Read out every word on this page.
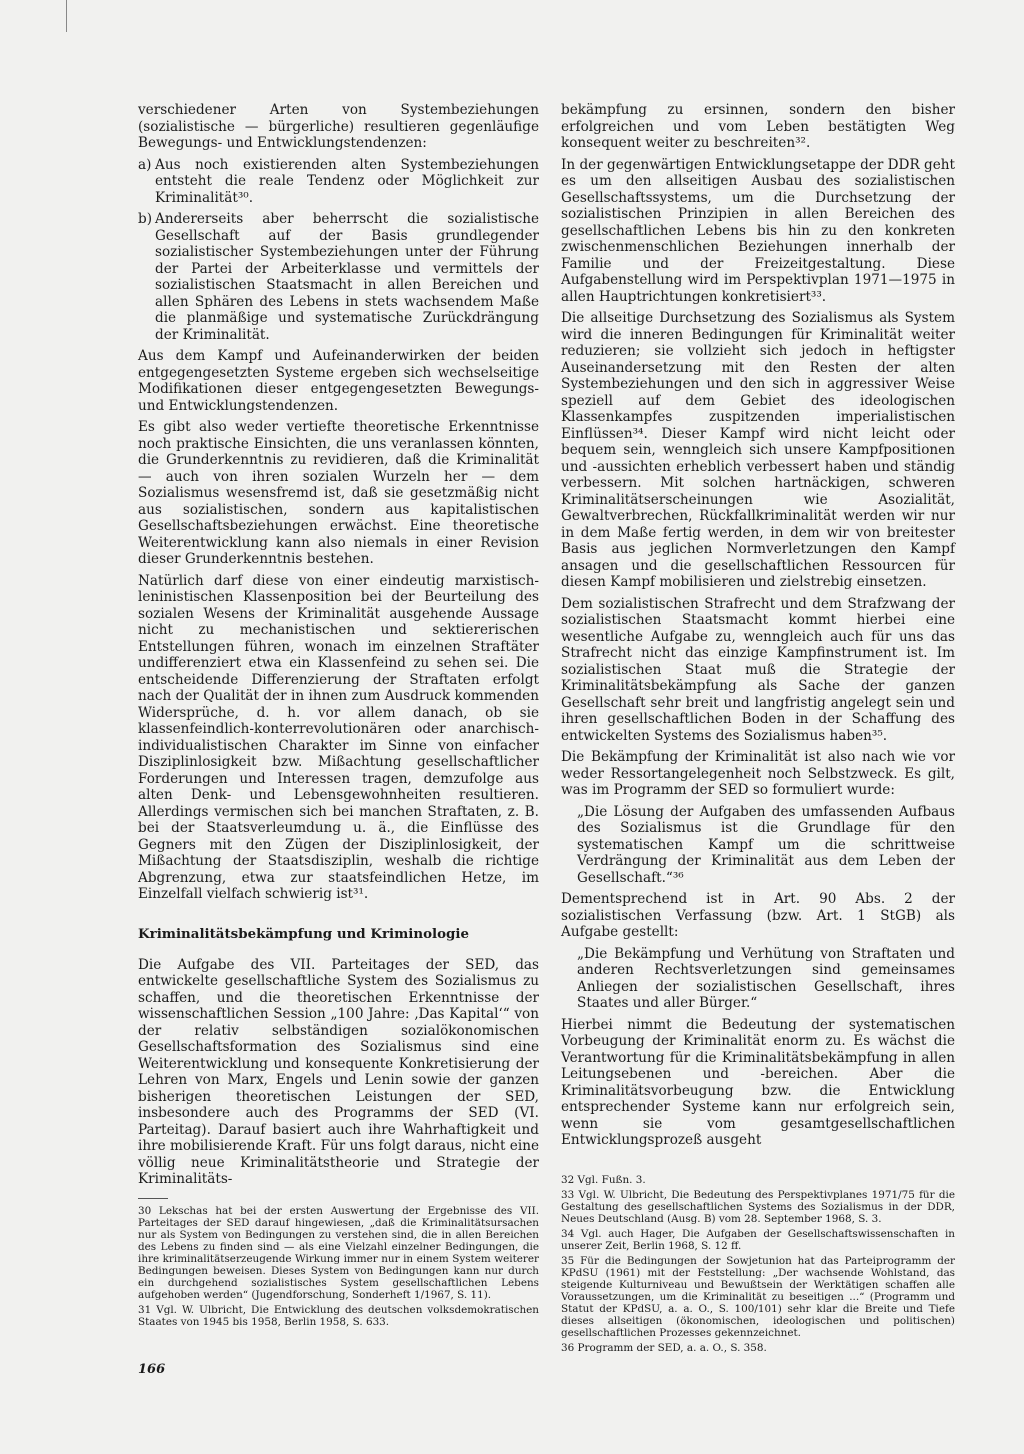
verschiedener Arten von Systembeziehungen (sozialistische — bürgerliche) resultieren gegenläufige Bewegungs- und Entwicklungstendenzen:

a) Aus noch existierenden alten Systembeziehungen entsteht die reale Tendenz oder Möglichkeit zur Kriminalität³⁰.

b) Andererseits aber beherrscht die sozialistische Gesellschaft auf der Basis grundlegender sozialistischer Systembeziehungen unter der Führung der Partei der Arbeiterklasse und vermittels der sozialistischen Staatsmacht in allen Bereichen und allen Sphären des Lebens in stets wachsendem Maße die planmäßige und systematische Zurückdrängung der Kriminalität.

Aus dem Kampf und Aufeinanderwirken der beiden entgegengesetzten Systeme ergeben sich wechselseitige Modifikationen dieser entgegengesetzten Bewegungs- und Entwicklungstendenzen.

Es gibt also weder vertiefte theoretische Erkenntnisse noch praktische Einsichten, die uns veranlassen könnten, die Grunderkenntnis zu revidieren, daß die Kriminalität — auch von ihren sozialen Wurzeln her — dem Sozialismus wesensfremd ist, daß sie gesetzmäßig nicht aus sozialistischen, sondern aus kapitalistischen Gesellschaftsbeziehungen erwächst. Eine theoretische Weiterentwicklung kann also niemals in einer Revision dieser Grunderkenntnis bestehen.

Natürlich darf diese von einer eindeutig marxistisch-leninistischen Klassenposition bei der Beurteilung des sozialen Wesens der Kriminalität ausgehende Aussage nicht zu mechanistischen und sektiererischen Entstellungen führen, wonach im einzelnen Straftäter undifferenziert etwa ein Klassenfeind zu sehen sei. Die entscheidende Differenzierung der Straftaten erfolgt nach der Qualität der in ihnen zum Ausdruck kommenden Widersprüche, d. h. vor allem danach, ob sie klassenfeindlich-konterrevolutionären oder anarchisch-individualistischen Charakter im Sinne von einfacher Disziplinlosigkeit bzw. Mißachtung gesellschaftlicher Forderungen und Interessen tragen, demzufolge aus alten Denk- und Lebensgewohnheiten resultieren. Allerdings vermischen sich bei manchen Straftaten, z. B. bei der Staatsverleumdung u. ä., die Einflüsse des Gegners mit den Zügen der Disziplinlosigkeit, der Mißachtung der Staatsdisziplin, weshalb die richtige Abgrenzung, etwa zur staatsfeindlichen Hetze, im Einzelfall vielfach schwierig ist³¹.

Kriminalitätsbekämpfung und Kriminologie

Die Aufgabe des VII. Parteitages der SED, das entwickelte gesellschaftliche System des Sozialismus zu schaffen, und die theoretischen Erkenntnisse der wissenschaftlichen Session „100 Jahre: ‚Das Kapital‘“ von der relativ selbständigen sozialökonomischen Gesellschaftsformation des Sozialismus sind eine Weiterentwicklung und konsequente Konkretisierung der Lehren von Marx, Engels und Lenin sowie der ganzen bisherigen theoretischen Leistungen der SED, insbesondere auch des Programms der SED (VI. Parteitag). Darauf basiert auch ihre Wahrhaftigkeit und ihre mobilisierende Kraft. Für uns folgt daraus, nicht eine völlig neue Kriminalitätstheorie und Strategie der Kriminalitäts-

30 Lekschas hat bei der ersten Auswertung der Ergebnisse des VII. Parteitages der SED darauf hingewiesen, „daß die Kriminalitätsursachen nur als System von Bedingungen zu verstehen sind, die in allen Bereichen des Lebens zu finden sind — als eine Vielzahl einzelner Bedingungen, die ihre kriminalitätserzeugende Wirkung immer nur in einem System weiterer Bedingungen beweisen. Dieses System von Bedingungen kann nur durch ein durchgehend sozialistisches System gesellschaftlichen Lebens aufgehoben werden“ (Jugendforschung, Sonderheft 1/1967, S. 11).

31 Vgl. W. Ulbricht, Die Entwicklung des deutschen volksdemokratischen Staates von 1945 bis 1958, Berlin 1958, S. 633.

bekämpfung zu ersinnen, sondern den bisher erfolgreichen und vom Leben bestätigten Weg konsequent weiter zu beschreiten³².

In der gegenwärtigen Entwicklungsetappe der DDR geht es um den allseitigen Ausbau des sozialistischen Gesellschaftssystems, um die Durchsetzung der sozialistischen Prinzipien in allen Bereichen des gesellschaftlichen Lebens bis hin zu den konkreten zwischenmenschlichen Beziehungen innerhalb der Familie und der Freizeitgestaltung. Diese Aufgabenstellung wird im Perspektivplan 1971—1975 in allen Hauptrichtungen konkretisiert³³.

Die allseitige Durchsetzung des Sozialismus als System wird die inneren Bedingungen für Kriminalität weiter reduzieren; sie vollzieht sich jedoch in heftigster Auseinandersetzung mit den Resten der alten Systembeziehungen und den sich in aggressiver Weise speziell auf dem Gebiet des ideologischen Klassenkampfes zuspitzenden imperialistischen Einflüssen³⁴. Dieser Kampf wird nicht leicht oder bequem sein, wenngleich sich unsere Kampfpositionen und -aussichten erheblich verbessert haben und ständig verbessern. Mit solchen hartnäckigen, schweren Kriminalitätserscheinungen wie Asozialität, Gewaltverbrechen, Rückfallkriminalität werden wir nur in dem Maße fertig werden, in dem wir von breitester Basis aus jeglichen Normverletzungen den Kampf ansagen und die gesellschaftlichen Ressourcen für diesen Kampf mobilisieren und zielstrebig einsetzen.

Dem sozialistischen Strafrecht und dem Strafzwang der sozialistischen Staatsmacht kommt hierbei eine wesentliche Aufgabe zu, wenngleich auch für uns das Strafrecht nicht das einzige Kampfinstrument ist. Im sozialistischen Staat muß die Strategie der Kriminalitätsbekämpfung als Sache der ganzen Gesellschaft sehr breit und langfristig angelegt sein und ihren gesellschaftlichen Boden in der Schaffung des entwickelten Systems des Sozialismus haben³⁵.

Die Bekämpfung der Kriminalität ist also nach wie vor weder Ressortangelegenheit noch Selbstzweck. Es gilt, was im Programm der SED so formuliert wurde:

„Die Lösung der Aufgaben des umfassenden Aufbaus des Sozialismus ist die Grundlage für den systematischen Kampf um die schrittweise Verdrängung der Kriminalität aus dem Leben der Gesellschaft.“³⁶

Dementsprechend ist in Art. 90 Abs. 2 der sozialistischen Verfassung (bzw. Art. 1 StGB) als Aufgabe gestellt:

„Die Bekämpfung und Verhütung von Straftaten und anderen Rechtsverletzungen sind gemeinsames Anliegen der sozialistischen Gesellschaft, ihres Staates und aller Bürger.“

Hierbei nimmt die Bedeutung der systematischen Vorbeugung der Kriminalität enorm zu. Es wächst die Verantwortung für die Kriminalitätsbekämpfung in allen Leitungsebenen und -bereichen. Aber die Kriminalitätsvorbeugung bzw. die Entwicklung entsprechender Systeme kann nur erfolgreich sein, wenn sie vom gesamtgesellschaftlichen Entwicklungsprozeß ausgeht

32 Vgl. Fußn. 3.

33 Vgl. W. Ulbricht, Die Bedeutung des Perspektivplanes 1971/75 für die Gestaltung des gesellschaftlichen Systems des Sozialismus in der DDR, Neues Deutschland (Ausg. B) vom 28. September 1968, S. 3.

34 Vgl. auch Hager, Die Aufgaben der Gesellschaftswissenschaften in unserer Zeit, Berlin 1968, S. 12 ff.

35 Für die Bedingungen der Sowjetunion hat das Parteiprogramm der KPdSU (1961) mit der Feststellung: „Der wachsende Wohlstand, das steigende Kulturniveau und Bewußtsein der Werktätigen schaffen alle Voraussetzungen, um die Kriminalität zu beseitigen ...“ (Programm und Statut der KPdSU, a. a. O., S. 100/101) sehr klar die Breite und Tiefe dieses allseitigen (ökonomischen, ideologischen und politischen) gesellschaftlichen Prozesses gekennzeichnet.

36 Programm der SED, a. a. O., S. 358.

166
